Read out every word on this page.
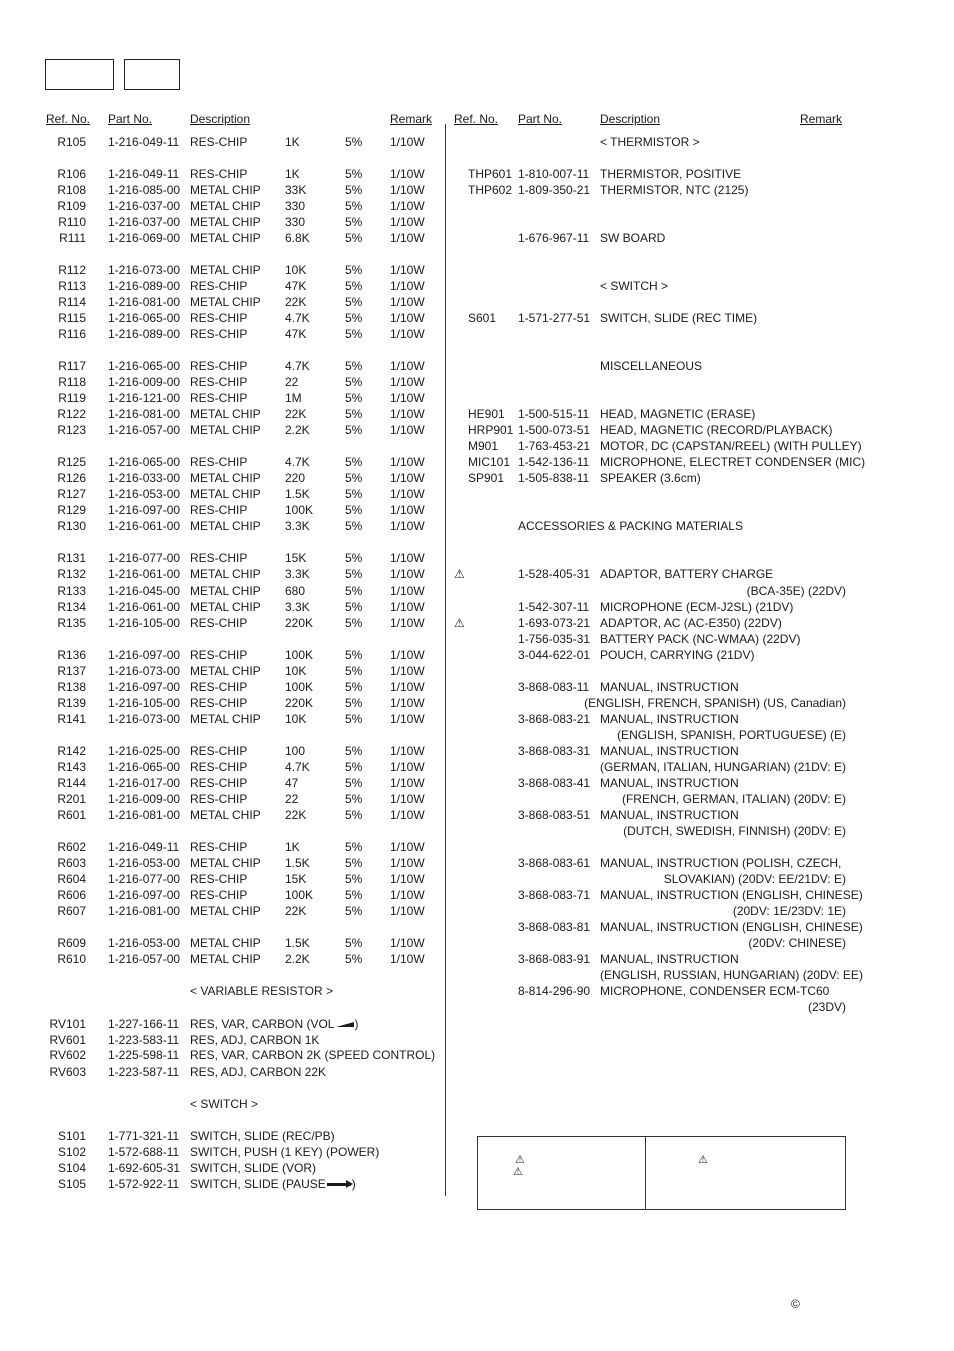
Ref. No. Part No.	Description	Remark Ref. No. Part No.	Description	Remark
R105 1-216-049-11 RES-CHIP	1K	5% 1/10W
R106 1-216-049-11 RES-CHIP	1K	5% 1/10W
R108 1-216-085-00 METAL CHIP 33K	5% 1/10W
R109 1-216-037-00 METAL CHIP 330	5% 1/10W
R110 1-216-037-00 METAL CHIP 330	5% 1/10W
R111 1-216-069-00 METAL CHIP 6.8K	5% 1/10W
R112 1-216-073-00 METAL CHIP 10K	5% 1/10W
R113 1-216-089-00 RES-CHIP	47K	5% 1/10W
R114 1-216-081-00 METAL CHIP 22K	5% 1/10W
R115 1-216-065-00 RES-CHIP	4.7K	5% 1/10W
R116 1-216-089-00 RES-CHIP	47K	5% 1/10W
R117 1-216-065-00 RES-CHIP	4.7K	5% 1/10W
R118 1-216-009-00 RES-CHIP	22	5% 1/10W
R119 1-216-121-00 RES-CHIP	1M	5% 1/10W
R122 1-216-081-00 METAL CHIP 22K	5% 1/10W
R123 1-216-057-00 METAL CHIP 2.2K	5% 1/10W
R125 1-216-065-00 RES-CHIP	4.7K	5% 1/10W
R126 1-216-033-00 METAL CHIP 220	5% 1/10W
R127 1-216-053-00 METAL CHIP 1.5K	5% 1/10W
R129 1-216-097-00 RES-CHIP	100K	5% 1/10W
R130 1-216-061-00 METAL CHIP 3.3K	5% 1/10W
R131 1-216-077-00 RES-CHIP	15K	5% 1/10W
R132 1-216-061-00 METAL CHIP 3.3K	5% 1/10W
R133 1-216-045-00 METAL CHIP 680	5% 1/10W
R134 1-216-061-00 METAL CHIP 3.3K	5% 1/10W
R135 1-216-105-00 RES-CHIP	220K	5% 1/10W
R136 1-216-097-00 RES-CHIP	100K	5% 1/10W
R137 1-216-073-00 METAL CHIP 10K	5% 1/10W
R138 1-216-097-00 RES-CHIP	100K	5% 1/10W
R139 1-216-105-00 RES-CHIP	220K	5% 1/10W
R141 1-216-073-00 METAL CHIP 10K	5% 1/10W
R142 1-216-025-00 RES-CHIP	100	5% 1/10W
R143 1-216-065-00 RES-CHIP	4.7K	5% 1/10W
R144 1-216-017-00 RES-CHIP	47	5% 1/10W
R201 1-216-009-00 RES-CHIP	22	5% 1/10W
R601 1-216-081-00 METAL CHIP 22K	5% 1/10W
R602 1-216-049-11 RES-CHIP	1K	5% 1/10W
R603 1-216-053-00 METAL CHIP 1.5K	5% 1/10W
R604 1-216-077-00 RES-CHIP	15K	5% 1/10W
R606 1-216-097-00 RES-CHIP	100K	5% 1/10W
R607 1-216-081-00 METAL CHIP 22K	5% 1/10W
R609 1-216-053-00 METAL CHIP 1.5K	5% 1/10W
R610 1-216-057-00 METAL CHIP 2.2K	5% 1/10W
< VARIABLE RESISTOR >
RV101 1-227-166-11 RES, VAR, CARBON (VOL )
RV601 1-223-583-11 RES, ADJ, CARBON 1K
RV602 1-225-598-11 RES, VAR, CARBON 2K (SPEED CONTROL)
RV603 1-223-587-11 RES, ADJ, CARBON 22K
< SWITCH >
S101 1-771-321-11 SWITCH, SLIDE (REC/PB)
S102 1-572-688-11 SWITCH, PUSH (1 KEY) (POWER)
S104 1-692-605-31 SWITCH, SLIDE (VOR)
S105 1-572-922-11 SWITCH, SLIDE (PAUSE )
< THERMISTOR >
THP601 1-810-007-11 THERMISTOR, POSITIVE
THP602 1-809-350-21 THERMISTOR, NTC (2125)
1-676-967-11 SW BOARD
< SWITCH >
S601 1-571-277-51 SWITCH, SLIDE (REC TIME)
MISCELLANEOUS
HE901 1-500-515-11 HEAD, MAGNETIC (ERASE)
HRP901 1-500-073-51 HEAD, MAGNETIC (RECORD/PLAYBACK)
M901 1-763-453-21 MOTOR, DC (CAPSTAN/REEL) (WITH PULLEY)
MIC101 1-542-136-11 MICROPHONE, ELECTRET CONDENSER (MIC)
SP901 1-505-838-11 SPEAKER (3.6cm)
ACCESSORIES & PACKING MATERIALS
⚠	1-528-405-31 ADAPTOR, BATTERY CHARGE
(BCA-35E) (22DV)
1-542-307-11 MICROPHONE (ECM-J2SL) (21DV)
⚠	1-693-073-21 ADAPTOR, AC (AC-E350) (22DV)
1-756-035-31 BATTERY PACK (NC-WMAA) (22DV)
3-044-622-01 POUCH, CARRYING (21DV)
3-868-083-11 MANUAL, INSTRUCTION
(ENGLISH, FRENCH, SPANISH) (US, Canadian)
3-868-083-21 MANUAL, INSTRUCTION
(ENGLISH, SPANISH, PORTUGUESE) (E)
3-868-083-31 MANUAL, INSTRUCTION
(GERMAN, ITALIAN, HUNGARIAN) (21DV: E)
3-868-083-41 MANUAL, INSTRUCTION
(FRENCH, GERMAN, ITALIAN) (20DV: E)
3-868-083-51 MANUAL, INSTRUCTION
(DUTCH, SWEDISH, FINNISH) (20DV: E)
3-868-083-61 MANUAL, INSTRUCTION (POLISH, CZECH,
SLOVAKIAN) (20DV: EE/21DV: E)
3-868-083-71 MANUAL, INSTRUCTION (ENGLISH, CHINESE)
(20DV: 1E/23DV: 1E)
3-868-083-81 MANUAL, INSTRUCTION (ENGLISH, CHINESE)
(20DV: CHINESE)
3-868-083-91 MANUAL, INSTRUCTION
(ENGLISH, RUSSIAN, HUNGARIAN) (20DV: EE)
8-814-296-90 MICROPHONE, CONDENSER ECM-TC60
(23DV)
⚠
⚠
⚠
©
